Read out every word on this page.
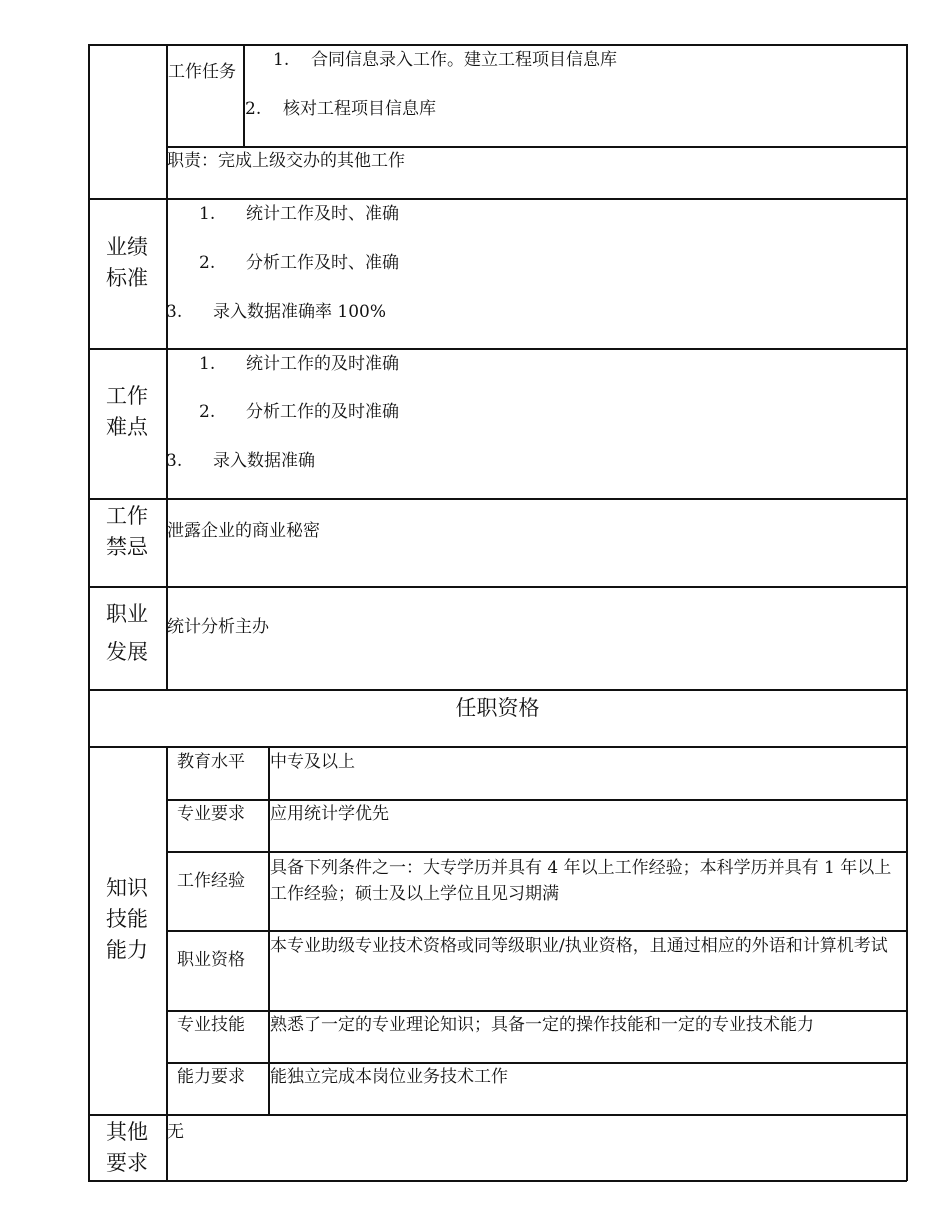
工作任务
1. 合同信息录入工作。建立工程项目信息库
2. 核对工程项目信息库
职责：完成上级交办的其他工作
业绩
标准
1. 统计工作及时、准确
2. 分析工作及时、准确
3. 录入数据准确率 100%
工作
难点
1. 统计工作的及时准确
2. 分析工作的及时准确
3. 录入数据准确
工作
禁忌
泄露企业的商业秘密
职业
发展
统计分析主办
任职资格
知识
技能
能力
教育水平 中专及以上
专业要求 应用统计学优先
工作经验
具备下列条件之一：大专学历并具有 4 年以上工作经验；本科学历并具有 1 年以上工作经验；硕士及以上学位且见习期满
职业资格
本专业助级专业技术资格或同等级职业/执业资格，且通过相应的外语和计算机考试
专业技能 熟悉了一定的专业理论知识；具备一定的操作技能和一定的专业技术能力
能力要求 能独立完成本岗位业务技术工作
其他
要求
无
